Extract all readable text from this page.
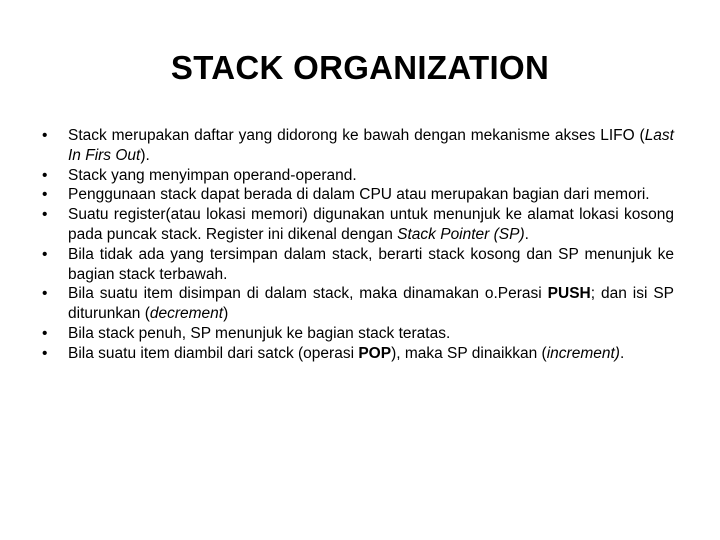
STACK ORGANIZATION
• Stack merupakan daftar yang didorong ke bawah dengan mekanisme akses LIFO (Last In Firs Out).
• Stack yang menyimpan operand-operand.
• Penggunaan stack dapat berada di dalam CPU atau merupakan bagian dari memori.
• Suatu register(atau lokasi memori) digunakan untuk menunjuk ke alamat lokasi kosong pada puncak stack. Register ini dikenal dengan Stack Pointer (SP).
• Bila tidak ada yang tersimpan dalam stack, berarti stack kosong dan SP menunjuk ke bagian stack terbawah.
• Bila suatu item disimpan di dalam stack, maka dinamakan o.Perasi PUSH; dan isi SP diturunkan (decrement)
• Bila stack penuh, SP menunjuk ke bagian stack teratas.
• Bila suatu item diambil dari satck (operasi POP), maka SP dinaikkan (increment).
